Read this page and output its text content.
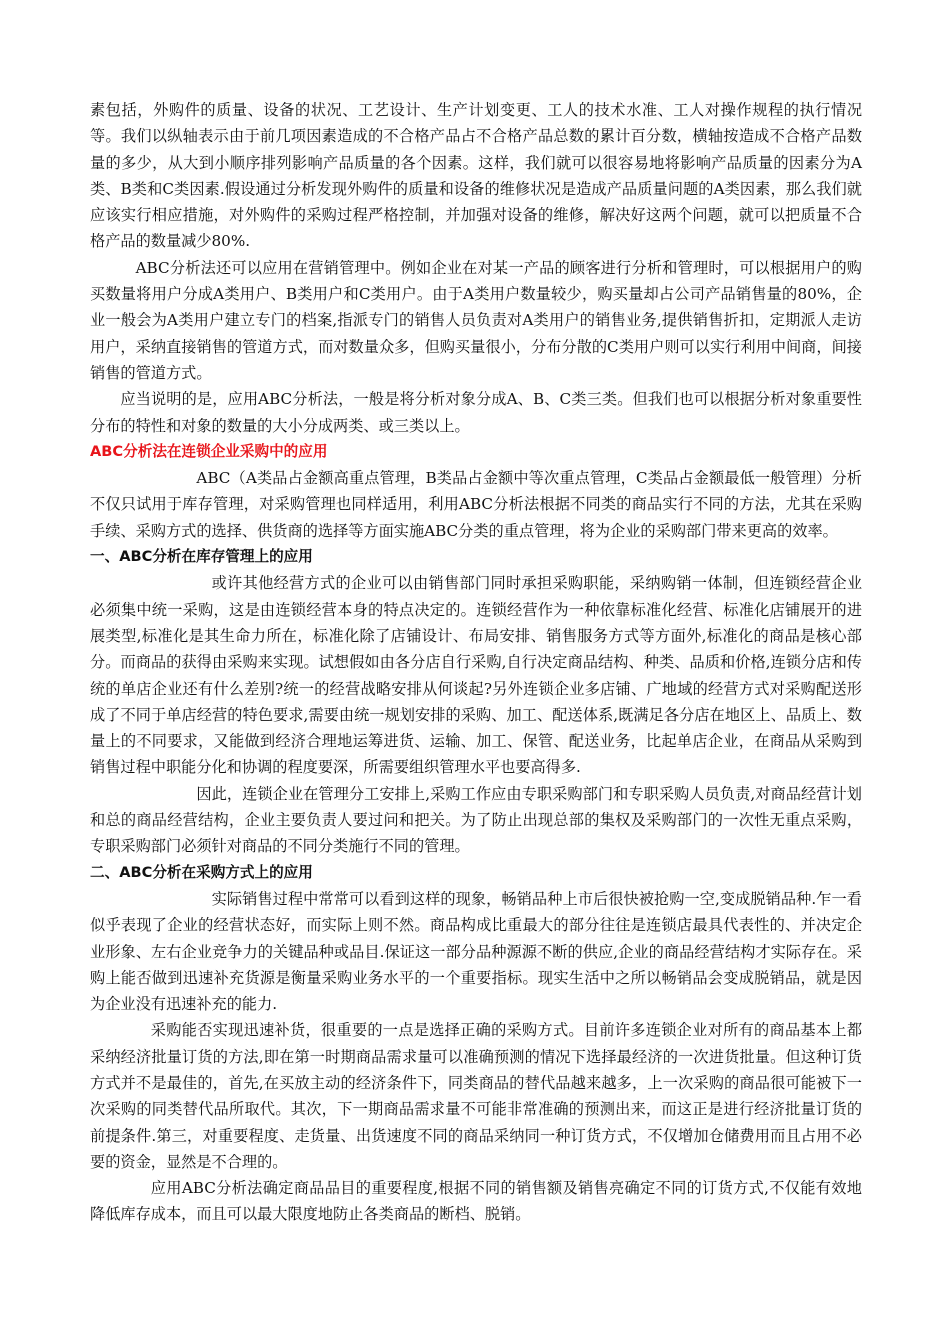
素包括，外购件的质量、设备的状况、工艺设计、生产计划变更、工人的技术水准、工人对操作规程的执行情况等。我们以纵轴表示由于前几项因素造成的不合格产品占不合格产品总数的累计百分数，横轴按造成不合格产品数量的多少，从大到小顺序排列影响产品质量的各个因素。这样，我们就可以很容易地将影响产品质量的因素分为A类、B类和C类因素.假设通过分析发现外购件的质量和设备的维修状况是造成产品质量问题的A类因素，那么我们就应该实行相应措施，对外购件的采购过程严格控制，并加强对设备的维修，解决好这两个问题，就可以把质量不合格产品的数量减少80%.

ABC分析法还可以应用在营销管理中。例如企业在对某一产品的顾客进行分析和管理时，可以根据用户的购买数量将用户分成A类用户、B类用户和C类用户。由于A类用户数量较少，购买量却占公司产品销售量的80%，企业一般会为A类用户建立专门的档案,指派专门的销售人员负责对A类用户的销售业务,提供销售折扣，定期派人走访用户，采纳直接销售的管道方式，而对数量众多，但购买量很小，分布分散的C类用户则可以实行利用中间商，间接销售的管道方式。

应当说明的是，应用ABC分析法，一般是将分析对象分成A、B、C类三类。但我们也可以根据分析对象重要性分布的特性和对象的数量的大小分成两类、或三类以上。

ABC分析法在连锁企业采购中的应用

ABC（A类品占金额高重点管理，B类品占金额中等次重点管理，C类品占金额最低一般管理）分析不仅只试用于库存管理，对采购管理也同样适用，利用ABC分析法根据不同类的商品实行不同的方法，尤其在采购手续、采购方式的选择、供货商的选择等方面实施ABC分类的重点管理，将为企业的采购部门带来更高的效率。

一、ABC分析在库存管理上的应用

或许其他经营方式的企业可以由销售部门同时承担采购职能，采纳购销一体制，但连锁经营企业必须集中统一采购，这是由连锁经营本身的特点决定的。连锁经营作为一种依靠标准化经营、标准化店铺展开的进展类型,标准化是其生命力所在，标准化除了店铺设计、布局安排、销售服务方式等方面外,标准化的商品是核心部分。而商品的获得由采购来实现。试想假如由各分店自行采购,自行决定商品结构、种类、品质和价格,连锁分店和传统的单店企业还有什么差别?统一的经营战略安排从何谈起?另外连锁企业多店铺、广地域的经营方式对采购配送形成了不同于单店经营的特色要求,需要由统一规划安排的采购、加工、配送体系,既满足各分店在地区上、品质上、数量上的不同要求，又能做到经济合理地运筹进货、运输、加工、保管、配送业务，比起单店企业，在商品从采购到销售过程中职能分化和协调的程度要深，所需要组织管理水平也要高得多.

因此，连锁企业在管理分工安排上,采购工作应由专职采购部门和专职采购人员负责,对商品经营计划和总的商品经营结构，企业主要负责人要过问和把关。为了防止出现总部的集权及采购部门的一次性无重点采购，专职采购部门必须针对商品的不同分类施行不同的管理。

二、ABC分析在采购方式上的应用

实际销售过程中常常可以看到这样的现象，畅销品种上市后很快被抢购一空,变成脱销品种.乍一看似乎表现了企业的经营状态好，而实际上则不然。商品构成比重最大的部分往往是连锁店最具代表性的、并决定企业形象、左右企业竞争力的关键品种或品目.保证这一部分品种源源不断的供应,企业的商品经营结构才实际存在。采购上能否做到迅速补充货源是衡量采购业务水平的一个重要指标。现实生活中之所以畅销品会变成脱销品，就是因为企业没有迅速补充的能力.

采购能否实现迅速补货，很重要的一点是选择正确的采购方式。目前许多连锁企业对所有的商品基本上都采纳经济批量订货的方法,即在第一时期商品需求量可以准确预测的情况下选择最经济的一次进货批量。但这种订货方式并不是最佳的，首先,在买放主动的经济条件下，同类商品的替代品越来越多，上一次采购的商品很可能被下一次采购的同类替代品所取代。其次，下一期商品需求量不可能非常准确的预测出来，而这正是进行经济批量订货的前提条件.第三，对重要程度、走货量、出货速度不同的商品采纳同一种订货方式，不仅增加仓储费用而且占用不必要的资金，显然是不合理的。

应用ABC分析法确定商品品目的重要程度,根据不同的销售额及销售亮确定不同的订货方式,不仅能有效地降低库存成本，而且可以最大限度地防止各类商品的断档、脱销。
